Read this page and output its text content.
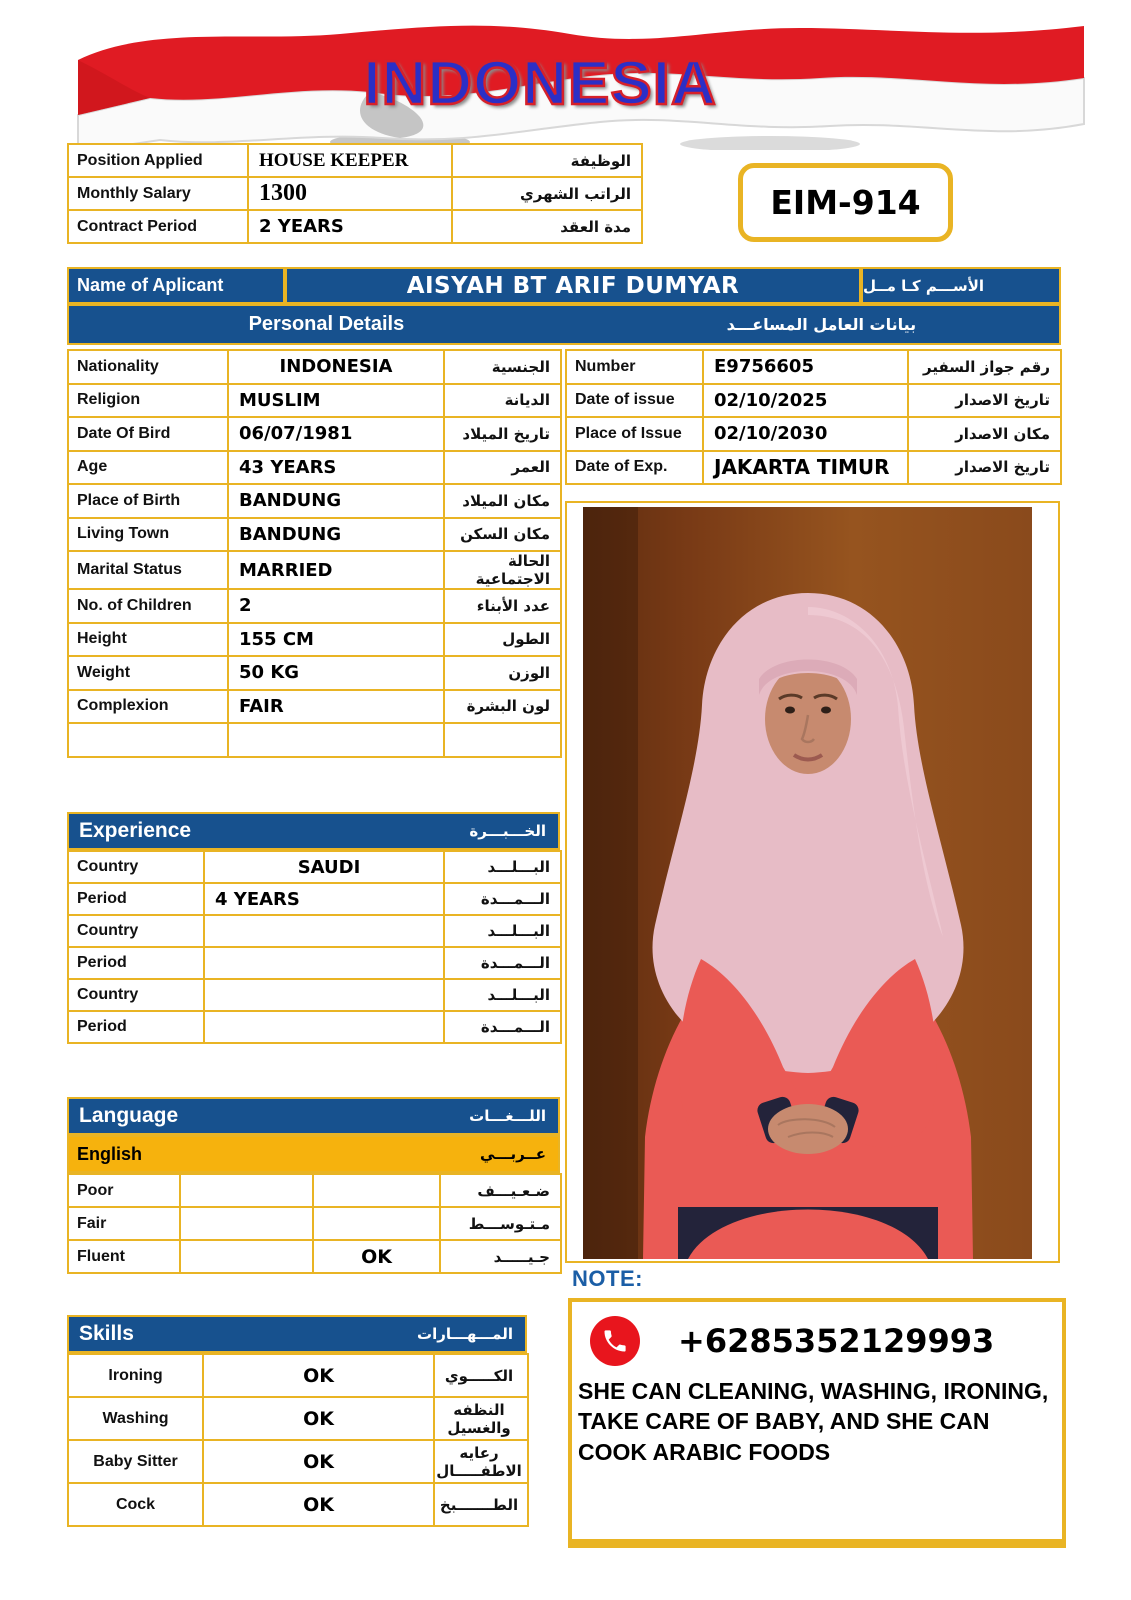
INDONESIA
Position Applied	HOUSE KEEPER	الوظيفة
Monthly Salary	1300	الراتب الشهري
Contract Period	2 YEARS	مدة العقد
EIM-914
Name of Aplicant	AISYAH BT ARIF DUMYAR	الأســـم كـا مــل
Personal Details	بيانات العامل المساعـــد
Nationality	INDONESIA	الجنسية
Religion	MUSLIM	الديانة
Date Of Bird	06/07/1981	تاريخ الميلاد
Age	43 YEARS	العمر
Place of Birth	BANDUNG	مكان الميلاد
Living Town	BANDUNG	مكان السكن
Marital Status	MARRIED	الحالة الاجتماعية
No. of Children	2	عدد الأبناء
Height	155 CM	الطول
Weight	50 KG	الوزن
Complexion	FAIR	لون البشرة

Number	E9756605	رقم جواز السفير
Date of issue	02/10/2025	تاريخ الاصدار
Place of Issue	02/10/2030	مكان الاصدار
Date of Exp.	JAKARTA TIMUR	تاريخ الاصدار
Experience	الخـــبـــرة
Country	SAUDI	البـــلـــد
Period	4 YEARS	الـــمـــدة
Country		البـــلـــد
Period		الـــمـــدة
Country		البـــلـــد
Period		الـــمـــدة
Language	اللـــغـــات
English	عــربـــي
Poor			ضـعـيـــف
Fair			مـتـوســـط
Fluent		OK	جـيـــــد
Skills	المـــهـــارات
Ironing	OK	الكـــــوي
Washing	OK	النظفه والغسيل
Baby Sitter	OK	رعايه الاطفـــــال
Cock	OK	الطـــــــبخ
NOTE:
+6285352129993
SHE CAN CLEANING, WASHING, IRONING, TAKE CARE OF BABY, AND SHE CAN COOK ARABIC FOODS
